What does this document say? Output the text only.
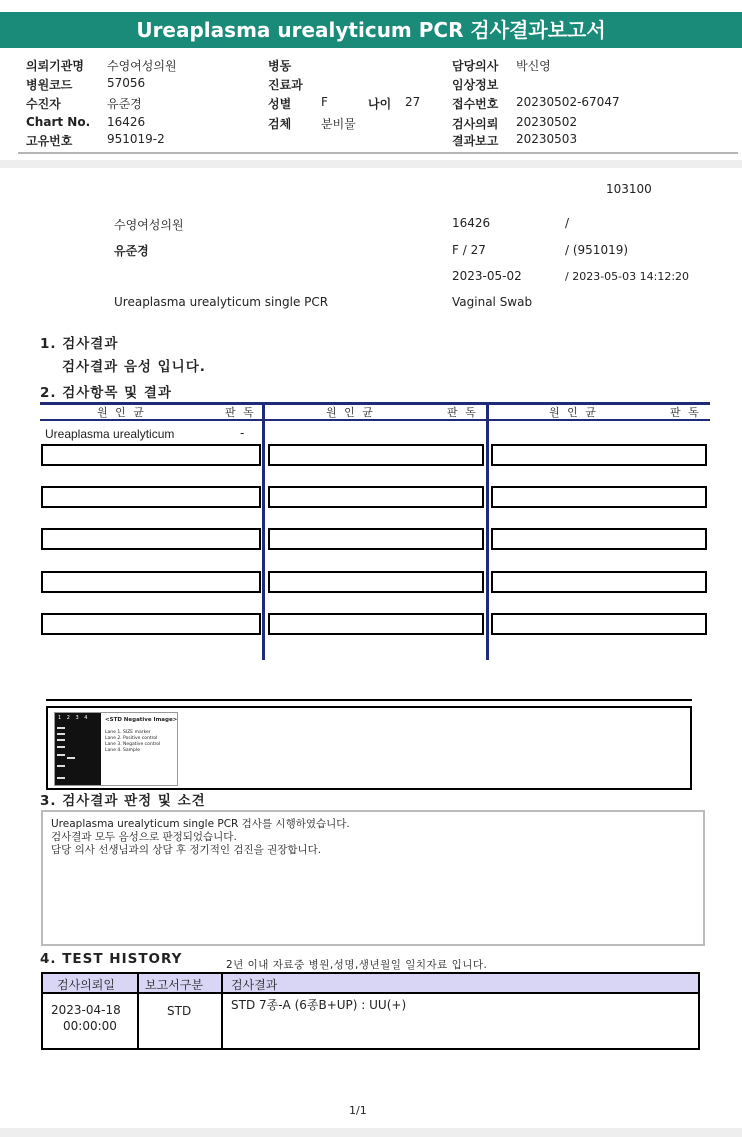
Ureaplasma urealyticum PCR 검사결과보고서
의뢰기관명 수영여성의원
병원코드	57056
수진자	유준경
Chart No. 16426
고유번호	951019-2
병동
진료과
성별 F	나이 27
검체 분비물
담당의사 박신영
임상정보
접수번호 20230502-67047
검사의뢰 20230502
결과보고 20230503
103100
수영여성의원	16426	/
유준경	F / 27	/ (951019)
2023-05-02	/ 2023-05-03 14:12:20
Ureaplasma urealyticum single PCR	Vaginal Swab
1. 검사결과
검사결과 음성 입니다.
2. 검사항목 및 결과
원 인 균	판 독	원 인 균	판 독	원 인 균	판 독
Ureaplasma urealyticum	-
1 2 3 4	<STD Negative Image>
Lane 1. SIZE marker
Lane 2. Positive control
Lane 3. Negative control
Lane 4. Sample
3. 검사결과 판정 및 소견
Ureaplasma urealyticum single PCR 검사를 시행하였습니다.
검사결과 모두 음성으로 판정되었습니다.
담당 의사 선생님과의 상담 후 정기적인 검진을 권장합니다.
4. TEST HISTORY	2년 이내 자료중 병원,성명,생년월일 일치자료 입니다.
검사의뢰일	보고서구분 검사결과
2023-04-18
00:00:00
STD	STD 7종-A (6종B+UP) : UU(+)
1/1
